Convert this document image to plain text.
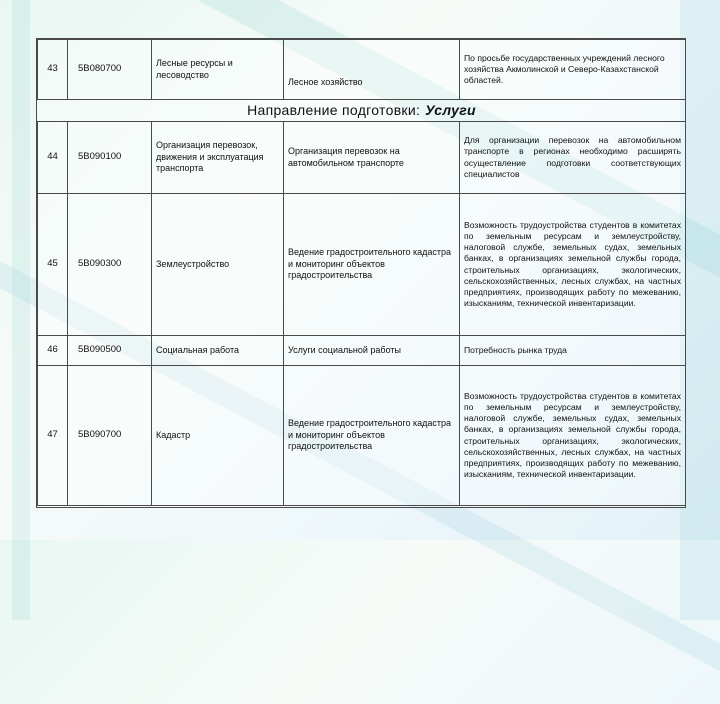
43	5В080700	Лесные ресурсы и лесоводство	Лесное хозяйство	По просьбе государственных учреждений лесного хозяйства Акмолинской и Северо-Казахстанской областей.
Направление подготовки: Услуги				
44	5В090100	Организация перевозок, движения и эксплуатация транспорта	Организация перевозок на автомобильном транспорте	Для организации перевозок на автомобильном транспорте в регионах необходимо расширять осуществление подготовки соответствующих специалистов
45	5В090300	Землеустройство	Ведение градостроительного кадастра и мониторинг объектов градостроительства	Возможность трудоустройства студентов в комитетах по земельным ресурсам и землеустройству, налоговой службе, земельных судах, земельных банках, в организациях земельной службы города, строительных организациях, экологических, сельскохозяйственных, лесных службах, на частных предприятиях, производящих работу по межеванию, изысканиям, технической инвентаризации.
46	5В090500	Социальная работа	Услуги социальной работы	Потребность рынка труда
47	5В090700	Кадастр	Ведение градостроительного кадастра и мониторинг объектов градостроительства	Возможность трудоустройства студентов в комитетах по земельным ресурсам и землеустройству, налоговой службе, земельных судах, земельных банках, в организациях земельной службы города, строительных организациях, экологических, сельскохозяйственных, лесных службах, на частных предприятиях, производящих работу по межеванию, изысканиям, технической инвентаризации.
